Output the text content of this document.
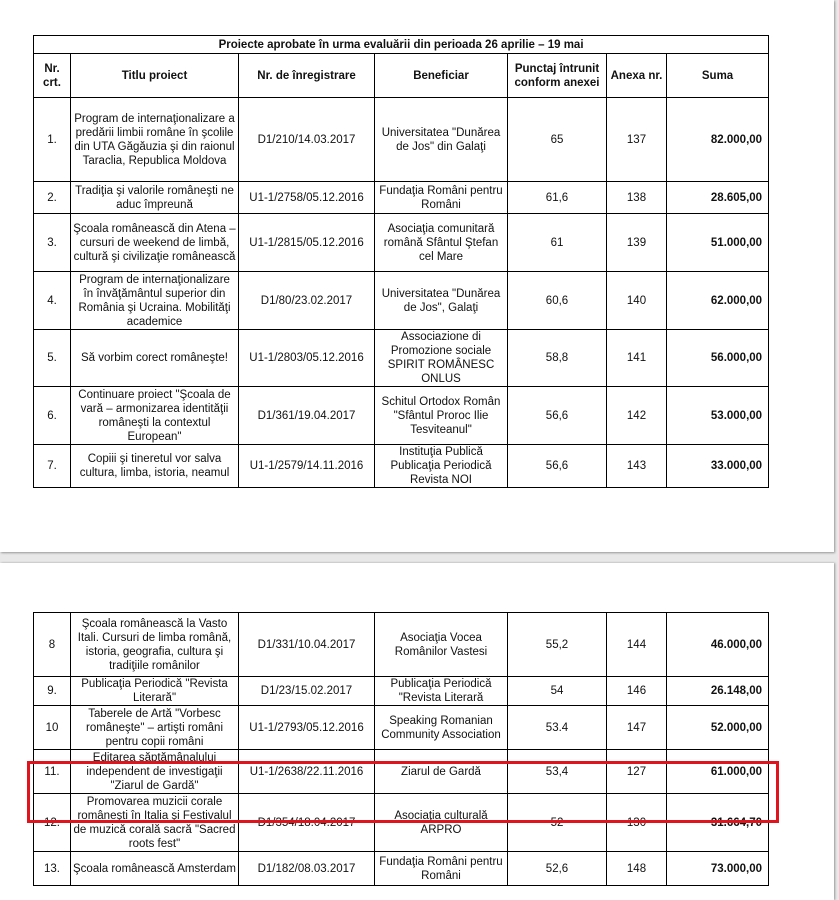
Proiecte aprobate în urma evaluării din perioada 26 aprilie – 19 mai						
Nr. crt.	Titlu proiect	Nr. de înregistrare	Beneficiar	Punctaj întrunit conform anexei	Anexa nr.	Suma
1.	Program de internaţionalizare a predării limbii române în şcolile din UTA Găgăuzia şi din raionul Taraclia, Republica Moldova	D1/210/14.03.2017	Universitatea "Dunărea de Jos" din Galaţi	65	137	82.000,00
2.	Tradiţia şi valorile româneşti ne aduc împreună	U1-1/2758/05.12.2016	Fundaţia Români pentru Români	61,6	138	28.605,00
3.	Şcoala românească din Atena – cursuri de weekend de limbă, cultură şi civilizaţie românească	U1-1/2815/05.12.2016	Asociaţia comunitară română Sfântul Ştefan cel Mare	61	139	51.000,00
4.	Program de internaţionalizare în învăţământul superior din România şi Ucraina. Mobilităţi academice	D1/80/23.02.2017	Universitatea "Dunărea de Jos", Galaţi	60,6	140	62.000,00
5.	Să vorbim corect româneşte!	U1-1/2803/05.12.2016	Associazione di Promozione sociale SPIRIT ROMÂNESC ONLUS	58,8	141	56.000,00
6.	Continuare proiect "Şcoala de vară – armonizarea identităţii româneşti la contextul European"	D1/361/19.04.2017	Schitul Ortodox Român "Sfântul Proroc Ilie Tesviteanul"	56,6	142	53.000,00
7.	Copiii şi tineretul vor salva cultura, limba, istoria, neamul	U1-1/2579/14.11.2016	Instituţia Publică Publicaţia Periodică Revista NOI	56,6	143	33.000,00
8	Şcoala românească la Vasto Itali. Cursuri de limba română, istoria, geografia, cultura şi tradiţiile românilor	D1/331/10.04.2017	Asociaţia Vocea Românilor Vastesi	55,2	144	46.000,00
9.	Publicaţia Periodică "Revista Literară"	D1/23/15.02.2017	Publicaţia Periodică "Revista Literară	54	146	26.148,00
10	Taberele de Artă "Vorbesc româneşte" – artişti români pentru copii români	U1-1/2793/05.12.2016	Speaking Romanian Community Association	53.4	147	52.000,00
11.	Editarea săptămânalului independent de investigaţii "Ziarul de Gardă"	U1-1/2638/22.11.2016	Ziarul de Gardă	53,4	127	61.000,00
12.	Promovarea muzicii corale româneşti în Italia şi Festivalul de muzică corală sacră "Sacred roots fest"	D1/354/18.04.2017	Asociaţia culturală ARPRO	52	130	31.664,70
13.	Şcoala românească Amsterdam	D1/182/08.03.2017	Fundaţia Români pentru Români	52,6	148	73.000,00
